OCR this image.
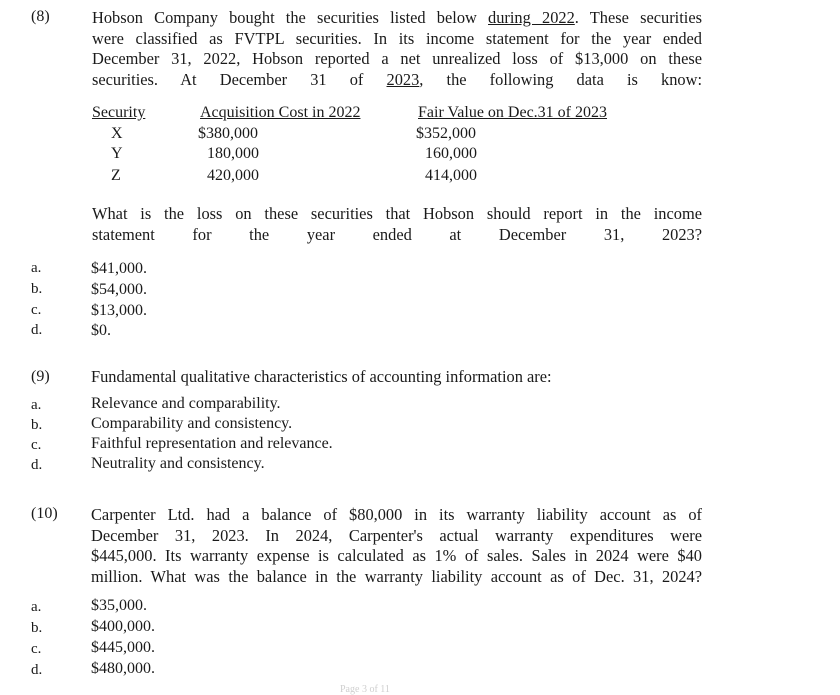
(8)	Hobson Company bought the securities listed below during 2022. These securities
were classified as FVTPL securities. In its income statement for the year ended
December 31, 2022, Hobson reported a net unrealized loss of $13,000 on these
securities. At December 31 of 2023, the following data is know:
Security	Acquisition Cost in 2022	Fair Value on Dec.31 of 2023
X	$380,000	$352,000
Y	180,000	160,000
Z	420,000	414,000
What is the loss on these securities that Hobson should report in the income
statement for the year ended at December 31, 2023?
a.	$41,000.
b.	$54,000.
c.	$13,000.
d.	$0.
(9)	Fundamental qualitative characteristics of accounting information are:
a.	Relevance and comparability.
b.	Comparability and consistency.
c.	Faithful representation and relevance.
d.	Neutrality and consistency.
(10) Carpenter Ltd. had a balance of $80,000 in its warranty liability account as of
December 31, 2023. In 2024, Carpenter's actual warranty expenditures were
$445,000. Its warranty expense is calculated as 1% of sales. Sales in 2024 were $40
million. What was the balance in the warranty liability account as of Dec. 31, 2024?
a.	$35,000.
b.	$400,000.
c.	$445,000.
d.	$480,000.
Page 3 of 11
